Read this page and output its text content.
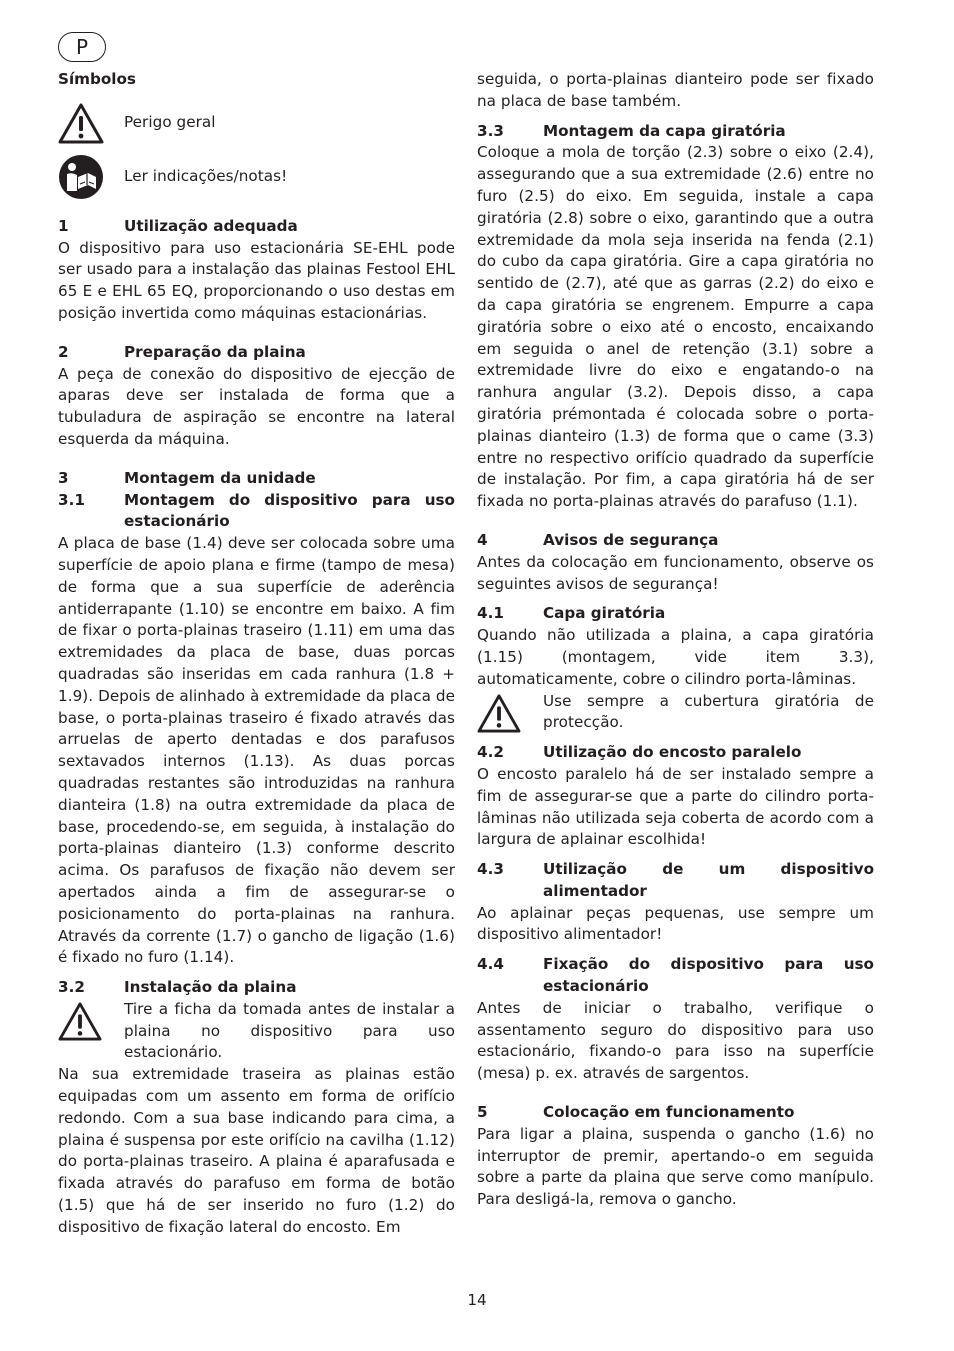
P
Símbolos
Perigo geral
Ler indicações/notas!
1	Utilização adequada

O dispositivo para uso estacionária SE-EHL pode ser usado para a instalação das plainas Festool EHL 65 E e EHL 65 EQ, proporcionando o uso destas em posição invertida como máquinas estacionárias.

2	Preparação da plaina

A peça de conexão do dispositivo de ejecção de aparas deve ser instalada de forma que a tubuladura de aspiração se encontre na lateral esquerda da máquina.

3	Montagem da unidade
3.1	Montagem do dispositivo para uso estacionário

A placa de base (1.4) deve ser colocada sobre uma superfície de apoio plana e firme (tampo de mesa) de forma que a sua superfície de aderência antiderrapante (1.10) se encontre em baixo. A fim de fixar o porta-plainas traseiro (1.11) em uma das extremidades da placa de base, duas porcas quadradas são inseridas em cada ranhura (1.8 + 1.9). Depois de alinhado à extremidade da placa de base, o porta-plainas traseiro é fixado através das arruelas de aperto dentadas e dos parafusos sextavados internos (1.13). As duas porcas quadradas restantes são introduzidas na ranhura dianteira (1.8) na outra extremidade da placa de base, procedendo-se, em seguida, à instalação do porta-plainas dianteiro (1.3) conforme descrito acima. Os parafusos de fixação não devem ser apertados ainda a fim de assegurar-se o posicionamento do porta-plainas na ranhura. Através da corrente (1.7) o gancho de ligação (1.6) é fixado no furo (1.14).

3.2	Instalação da plaina

Tire a ficha da tomada antes de instalar a plaina no dispositivo para uso estacionário.

Na sua extremidade traseira as plainas estão equipadas com um assento em forma de orifício redondo. Com a sua base indicando para cima, a plaina é suspensa por este orifício na cavilha (1.12) do porta-plainas traseiro. A plaina é aparafusada e fixada através do parafuso em forma de botão (1.5) que há de ser inserido no furo (1.2) do dispositivo de fixação lateral do encosto. Em

seguida, o porta-plainas dianteiro pode ser fixado na placa de base também.

3.3	Montagem da capa giratória

Coloque a mola de torção (2.3) sobre o eixo (2.4), assegurando que a sua extremidade (2.6) entre no furo (2.5) do eixo. Em seguida, instale a capa giratória (2.8) sobre o eixo, garantindo que a outra extremidade da mola seja inserida na fenda (2.1) do cubo da capa giratória. Gire a capa giratória no sentido de (2.7), até que as garras (2.2) do eixo e da capa giratória se engrenem. Empurre a capa giratória sobre o eixo até o encosto, encaixando em seguida o anel de retenção (3.1) sobre a extremidade livre do eixo e engatando-o na ranhura angular (3.2). Depois disso, a capa giratória prémontada é colocada sobre o porta-plainas dianteiro (1.3) de forma que o came (3.3) entre no respectivo orifício quadrado da superfície de instalação. Por fim, a capa giratória há de ser fixada no porta-plainas através do parafuso (1.1).

4	Avisos de segurança

Antes da colocação em funcionamento, observe os seguintes avisos de segurança!

4.1	Capa giratória

Quando não utilizada a plaina, a capa giratória (1.15) (montagem, vide item 3.3), automaticamente, cobre o cilindro porta-lâminas.

Use sempre a cubertura giratória de protecção.

4.2	Utilização do encosto paralelo

O encosto paralelo há de ser instalado sempre a fim de assegurar-se que a parte do cilindro porta-lâminas não utilizada seja coberta de acordo com a largura de aplainar escolhida!

4.3	Utilização de um dispositivo alimentador

Ao aplainar peças pequenas, use sempre um dispositivo alimentador!

4.4	Fixação do dispositivo para uso estacionário

Antes de iniciar o trabalho, verifique o assentamento seguro do dispositivo para uso estacionário, fixando-o para isso na superfície (mesa) p. ex. através de sargentos.

5	Colocação em funcionamento

Para ligar a plaina, suspenda o gancho (1.6) no interruptor de premir, apertando-o em seguida sobre a parte da plaina que serve como manípulo. Para desligá-la, remova o gancho.

14
